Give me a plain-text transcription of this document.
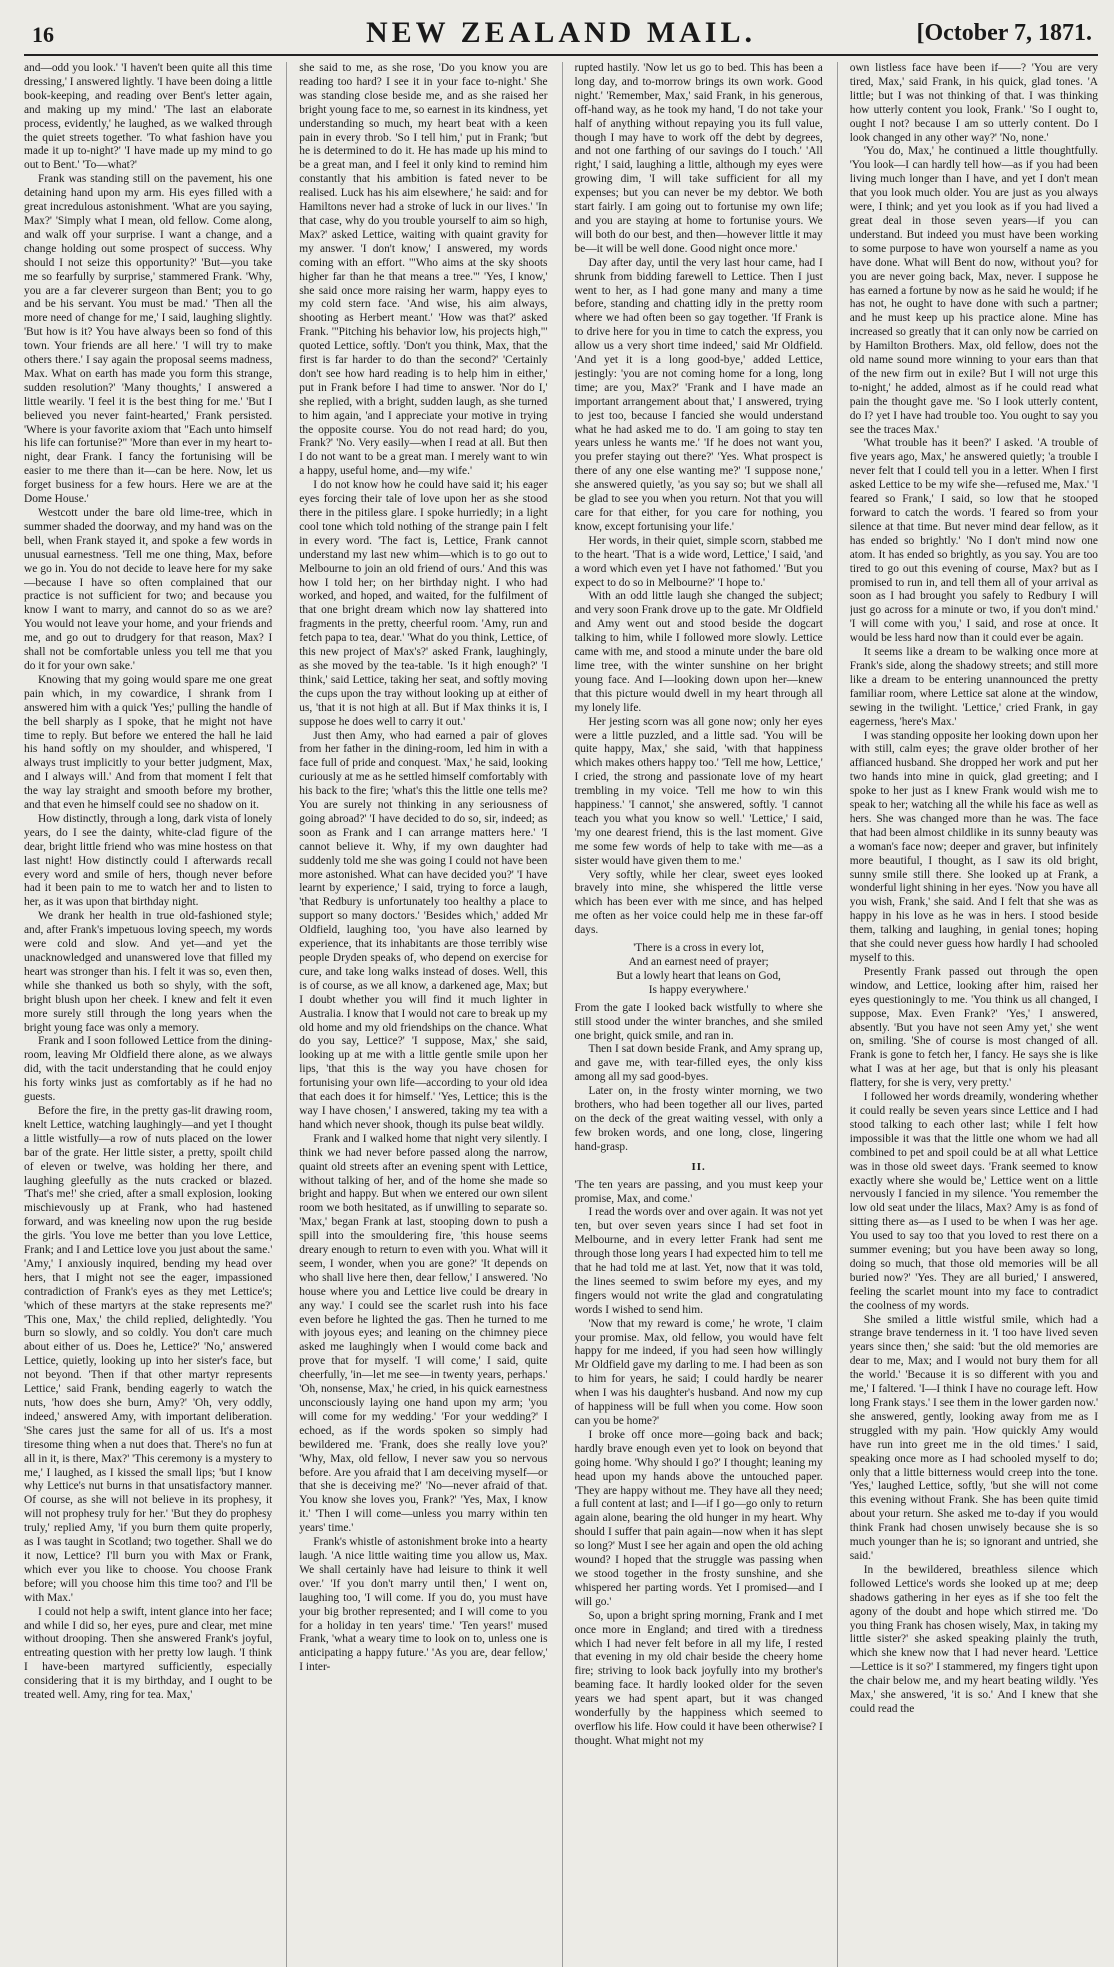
16	NEW ZEALAND MAIL.	[October 7, 1871.

and—odd you look.' 'I haven't been quite all this time dressing,' I answered lightly. 'I have been doing a little book-keeping, and reading over Bent's letter again, and making up my mind.' 'The last an elaborate process, evidently,' he laughed, as we walked through the quiet streets together. 'To what fashion have you made it up to-night?' 'I have made up my mind to go out to Bent.' 'To—what?'

Frank was standing still on the pavement, his one detaining hand upon my arm. His eyes filled with a great incredulous astonishment. 'What are you saying, Max?' 'Simply what I mean, old fellow. Come along, and walk off your surprise. I want a change, and a change holding out some prospect of success. Why should I not seize this opportunity?' 'But—you take me so fearfully by surprise,' stammered Frank. 'Why, you are a far cleverer surgeon than Bent; you to go and be his servant. You must be mad.' 'Then all the more need of change for me,' I said, laughing slightly. 'But how is it? You have always been so fond of this town. Your friends are all here.' 'I will try to make others there.' I say again the proposal seems madness, Max. What on earth has made you form this strange, sudden resolution?' 'Many thoughts,' I answered a little wearily. 'I feel it is the best thing for me.' 'But I believed you never faint-hearted,' Frank persisted. 'Where is your favorite axiom that "Each unto himself his life can fortunise?" 'More than ever in my heart to-night, dear Frank. I fancy the fortunising will be easier to me there than it—can be here. Now, let us forget business for a few hours. Here we are at the Dome House.'

Westcott under the bare old lime-tree, which in summer shaded the doorway, and my hand was on the bell, when Frank stayed it, and spoke a few words in unusual earnestness. 'Tell me one thing, Max, before we go in. You do not decide to leave here for my sake—because I have so often complained that our practice is not sufficient for two; and because you know I want to marry, and cannot do so as we are? You would not leave your home, and your friends and me, and go out to drudgery for that reason, Max? I shall not be comfortable unless you tell me that you do it for your own sake.'

Knowing that my going would spare me one great pain which, in my cowardice, I shrank from I answered him with a quick 'Yes;' pulling the handle of the bell sharply as I spoke, that he might not have time to reply. But before we entered the hall he laid his hand softly on my shoulder, and whispered, 'I always trust implicitly to your better judgment, Max, and I always will.' And from that moment I felt that the way lay straight and smooth before my brother, and that even he himself could see no shadow on it.

How distinctly, through a long, dark vista of lonely years, do I see the dainty, white-clad figure of the dear, bright little friend who was mine hostess on that last night! How distinctly could I afterwards recall every word and smile of hers, though never before had it been pain to me to watch her and to listen to her, as it was upon that birthday night.

We drank her health in true old-fashioned style; and, after Frank's impetuous loving speech, my words were cold and slow. And yet—and yet the unacknowledged and unanswered love that filled my heart was stronger than his. I felt it was so, even then, while she thanked us both so shyly, with the soft, bright blush upon her cheek. I knew and felt it even more surely still through the long years when the bright young face was only a memory.

Frank and I soon followed Lettice from the dining-room, leaving Mr Oldfield there alone, as we always did, with the tacit understanding that he could enjoy his forty winks just as comfortably as if he had no guests.

Before the fire, in the pretty gas-lit drawing room, knelt Lettice, watching laughingly—and yet I thought a little wistfully—a row of nuts placed on the lower bar of the grate. Her little sister, a pretty, spoilt child of eleven or twelve, was holding her there, and laughing gleefully as the nuts cracked or blazed. 'That's me!' she cried, after a small explosion, looking mischievously up at Frank, who had hastened forward, and was kneeling now upon the rug beside the girls. 'You love me better than you love Lettice, Frank; and I and Lettice love you just about the same.' 'Amy,' I anxiously inquired, bending my head over hers, that I might not see the eager, impassioned contradiction of Frank's eyes as they met Lettice's; 'which of these martyrs at the stake represents me?' 'This one, Max,' the child replied, delightedly. 'You burn so slowly, and so coldly. You don't care much about either of us. Does he, Lettice?' 'No,' answered Lettice, quietly, looking up into her sister's face, but not beyond. 'Then if that other martyr represents Lettice,' said Frank, bending eagerly to watch the nuts, 'how does she burn, Amy?' 'Oh, very oddly, indeed,' answered Amy, with important deliberation. 'She cares just the same for all of us. It's a most tiresome thing when a nut does that. There's no fun at all in it, is there, Max?' 'This ceremony is a mystery to me,' I laughed, as I kissed the small lips; 'but I know why Lettice's nut burns in that unsatisfactory manner. Of course, as she will not believe in its prophesy, it will not prophesy truly for her.' 'But they do prophesy truly,' replied Amy, 'if you burn them quite properly, as I was taught in Scotland; two together. Shall we do it now, Lettice? I'll burn you with Max or Frank, which ever you like to choose. You choose Frank before; will you choose him this time too? and I'll be with Max.'

I could not help a swift, intent glance into her face; and while I did so, her eyes, pure and clear, met mine without drooping. Then she answered Frank's joyful, entreating question with her pretty low laugh. 'I think I have-been martyred sufficiently, especially considering that it is my birthday, and I ought to be treated well. Amy, ring for tea. Max,'

she said to me, as she rose, 'Do you know you are reading too hard? I see it in your face to-night.' She was standing close beside me, and as she raised her bright young face to me, so earnest in its kindness, yet understanding so much, my heart beat with a keen pain in every throb. 'So I tell him,' put in Frank; 'but he is determined to do it. He has made up his mind to be a great man, and I feel it only kind to remind him constantly that his ambition is fated never to be realised. Luck has his aim elsewhere,' he said: and for Hamiltons never had a stroke of luck in our lives.' 'In that case, why do you trouble yourself to aim so high, Max?' asked Lettice, waiting with quaint gravity for my answer. 'I don't know,' I answered, my words coming with an effort. '"Who aims at the sky shoots higher far than he that means a tree."' 'Yes, I know,' she said once more raising her warm, happy eyes to my cold stern face. 'And wise, his aim always, shooting as Herbert meant.' 'How was that?' asked Frank. '"Pitching his behavior low, his projects high,"' quoted Lettice, softly. 'Don't you think, Max, that the first is far harder to do than the second?' 'Certainly don't see how hard reading is to help him in either,' put in Frank before I had time to answer. 'Nor do I,' she replied, with a bright, sudden laugh, as she turned to him again, 'and I appreciate your motive in trying the opposite course. You do not read hard; do you, Frank?' 'No. Very easily—when I read at all. But then I do not want to be a great man. I merely want to win a happy, useful home, and—my wife.'

I do not know how he could have said it; his eager eyes forcing their tale of love upon her as she stood there in the pitiless glare. I spoke hurriedly; in a light cool tone which told nothing of the strange pain I felt in every word. 'The fact is, Lettice, Frank cannot understand my last new whim—which is to go out to Melbourne to join an old friend of ours.' And this was how I told her; on her birthday night. I who had worked, and hoped, and waited, for the fulfilment of that one bright dream which now lay shattered into fragments in the pretty, cheerful room. 'Amy, run and fetch papa to tea, dear.' 'What do you think, Lettice, of this new project of Max's?' asked Frank, laughingly, as she moved by the tea-table. 'Is it high enough?' 'I think,' said Lettice, taking her seat, and softly moving the cups upon the tray without looking up at either of us, 'that it is not high at all. But if Max thinks it is, I suppose he does well to carry it out.'

Just then Amy, who had earned a pair of gloves from her father in the dining-room, led him in with a face full of pride and conquest. 'Max,' he said, looking curiously at me as he settled himself comfortably with his back to the fire; 'what's this the little one tells me? You are surely not thinking in any seriousness of going abroad?' 'I have decided to do so, sir, indeed; as soon as Frank and I can arrange matters here.' 'I cannot believe it. Why, if my own daughter had suddenly told me she was going I could not have been more astonished. What can have decided you?' 'I have learnt by experience,' I said, trying to force a laugh, 'that Redbury is unfortunately too healthy a place to support so many doctors.' 'Besides which,' added Mr Oldfield, laughing too, 'you have also learned by experience, that its inhabitants are those terribly wise people Dryden speaks of, who depend on exercise for cure, and take long walks instead of doses. Well, this is of course, as we all know, a darkened age, Max; but I doubt whether you will find it much lighter in Australia. I know that I would not care to break up my old home and my old friendships on the chance. What do you say, Lettice?' 'I suppose, Max,' she said, looking up at me with a little gentle smile upon her lips, 'that this is the way you have chosen for fortunising your own life—according to your old idea that each does it for himself.' 'Yes, Lettice; this is the way I have chosen,' I answered, taking my tea with a hand which never shook, though its pulse beat wildly.

Frank and I walked home that night very silently. I think we had never before passed along the narrow, quaint old streets after an evening spent with Lettice, without talking of her, and of the home she made so bright and happy. But when we entered our own silent room we both hesitated, as if unwilling to separate so. 'Max,' began Frank at last, stooping down to push a spill into the smouldering fire, 'this house seems dreary enough to return to even with you. What will it seem, I wonder, when you are gone?' 'It depends on who shall live here then, dear fellow,' I answered. 'No house where you and Lettice live could be dreary in any way.' I could see the scarlet rush into his face even before he lighted the gas. Then he turned to me with joyous eyes; and leaning on the chimney piece asked me laughingly when I would come back and prove that for myself. 'I will come,' I said, quite cheerfully, 'in—let me see—in twenty years, perhaps.' 'Oh, nonsense, Max,' he cried, in his quick earnestness unconsciously laying one hand upon my arm; 'you will come for my wedding.' 'For your wedding?' I echoed, as if the words spoken so simply had bewildered me. 'Frank, does she really love you?' 'Why, Max, old fellow, I never saw you so nervous before. Are you afraid that I am deceiving myself—or that she is deceiving me?' 'No—never afraid of that. You know she loves you, Frank?' 'Yes, Max, I know it.' 'Then I will come—unless you marry within ten years' time.'

Frank's whistle of astonishment broke into a hearty laugh. 'A nice little waiting time you allow us, Max. We shall certainly have had leisure to think it well over.' 'If you don't marry until then,' I went on, laughing too, 'I will come. If you do, you must have your big brother represented; and I will come to you for a holiday in ten years' time.' 'Ten years!' mused Frank, 'what a weary time to look on to, unless one is anticipating a happy future.' 'As you are, dear fellow,' I inter-

rupted hastily. 'Now let us go to bed. This has been a long day, and to-morrow brings its own work. Good night.' 'Remember, Max,' said Frank, in his generous, off-hand way, as he took my hand, 'I do not take your half of anything without repaying you its full value, though I may have to work off the debt by degrees, and not one farthing of our savings do I touch.' 'All right,' I said, laughing a little, although my eyes were growing dim, 'I will take sufficient for all my expenses; but you can never be my debtor. We both start fairly. I am going out to fortunise my own life; and you are staying at home to fortunise yours. We will both do our best, and then—however little it may be—it will be well done. Good night once more.'

Day after day, until the very last hour came, had I shrunk from bidding farewell to Lettice. Then I just went to her, as I had gone many and many a time before, standing and chatting idly in the pretty room where we had often been so gay together. 'If Frank is to drive here for you in time to catch the express, you allow us a very short time indeed,' said Mr Oldfield. 'And yet it is a long good-bye,' added Lettice, jestingly: 'you are not coming home for a long, long time; are you, Max?' 'Frank and I have made an important arrangement about that,' I answered, trying to jest too, because I fancied she would understand what he had asked me to do. 'I am going to stay ten years unless he wants me.' 'If he does not want you, you prefer staying out there?' 'Yes. What prospect is there of any one else wanting me?' 'I suppose none,' she answered quietly, 'as you say so; but we shall all be glad to see you when you return. Not that you will care for that either, for you care for nothing, you know, except fortunising your life.'

Her words, in their quiet, simple scorn, stabbed me to the heart. 'That is a wide word, Lettice,' I said, 'and a word which even yet I have not fathomed.' 'But you expect to do so in Melbourne?' 'I hope to.'

With an odd little laugh she changed the subject; and very soon Frank drove up to the gate. Mr Oldfield and Amy went out and stood beside the dogcart talking to him, while I followed more slowly. Lettice came with me, and stood a minute under the bare old lime tree, with the winter sunshine on her bright young face. And I—looking down upon her—knew that this picture would dwell in my heart through all my lonely life.

Her jesting scorn was all gone now; only her eyes were a little puzzled, and a little sad. 'You will be quite happy, Max,' she said, 'with that happiness which makes others happy too.' 'Tell me how, Lettice,' I cried, the strong and passionate love of my heart trembling in my voice. 'Tell me how to win this happiness.' 'I cannot,' she answered, softly. 'I cannot teach you what you know so well.' 'Lettice,' I said, 'my one dearest friend, this is the last moment. Give me some few words of help to take with me—as a sister would have given them to me.'

Very softly, while her clear, sweet eyes looked bravely into mine, she whispered the little verse which has been ever with me since, and has helped me often as her voice could help me in these far-off days.

'There is a cross in every lot,
And an earnest need of prayer;
But a lowly heart that leans on God,
Is happy everywhere.'

From the gate I looked back wistfully to where she still stood under the winter branches, and she smiled one bright, quick smile, and ran in.

Then I sat down beside Frank, and Amy sprang up, and gave me, with tear-filled eyes, the only kiss among all my sad good-byes.

Later on, in the frosty winter morning, we two brothers, who had been together all our lives, parted on the deck of the great waiting vessel, with only a few broken words, and one long, close, lingering hand-grasp.

II.

'The ten years are passing, and you must keep your promise, Max, and come.'

I read the words over and over again. It was not yet ten, but over seven years since I had set foot in Melbourne, and in every letter Frank had sent me through those long years I had expected him to tell me that he had told me at last. Yet, now that it was told, the lines seemed to swim before my eyes, and my fingers would not write the glad and congratulating words I wished to send him.

'Now that my reward is come,' he wrote, 'I claim your promise. Max, old fellow, you would have felt happy for me indeed, if you had seen how willingly Mr Oldfield gave my darling to me. I had been as son to him for years, he said; I could hardly be nearer when I was his daughter's husband. And now my cup of happiness will be full when you come. How soon can you be home?'

I broke off once more—going back and back; hardly brave enough even yet to look on beyond that going home. 'Why should I go?' I thought; leaning my head upon my hands above the untouched paper. 'They are happy without me. They have all they need; a full content at last; and I—if I go—go only to return again alone, bearing the old hunger in my heart. Why should I suffer that pain again—now when it has slept so long?' Must I see her again and open the old aching wound? I hoped that the struggle was passing when we stood together in the frosty sunshine, and she whispered her parting words. Yet I promised—and I will go.'

So, upon a bright spring morning, Frank and I met once more in England; and tired with a tiredness which I had never felt before in all my life, I rested that evening in my old chair beside the cheery home fire; striving to look back joyfully into my brother's beaming face. It hardly looked older for the seven years we had spent apart, but it was changed wonderfully by the happiness which seemed to overflow his life. How could it have been otherwise? I thought. What might not my

own listless face have been if——? 'You are very tired, Max,' said Frank, in his quick, glad tones. 'A little; but I was not thinking of that. I was thinking how utterly content you look, Frank.' 'So I ought to, ought I not? because I am so utterly content. Do I look changed in any other way?' 'No, none.'

'You do, Max,' he continued a little thoughtfully. 'You look—I can hardly tell how—as if you had been living much longer than I have, and yet I don't mean that you look much older. You are just as you always were, I think; and yet you look as if you had lived a great deal in those seven years—if you can understand. But indeed you must have been working to some purpose to have won yourself a name as you have done. What will Bent do now, without you? for you are never going back, Max, never. I suppose he has earned a fortune by now as he said he would; if he has not, he ought to have done with such a partner; and he must keep up his practice alone. Mine has increased so greatly that it can only now be carried on by Hamilton Brothers. Max, old fellow, does not the old name sound more winning to your ears than that of the new firm out in exile? But I will not urge this to-night,' he added, almost as if he could read what pain the thought gave me. 'So I look utterly content, do I? yet I have had trouble too. You ought to say you see the traces Max.'

'What trouble has it been?' I asked. 'A trouble of five years ago, Max,' he answered quietly; 'a trouble I never felt that I could tell you in a letter. When I first asked Lettice to be my wife she—refused me, Max.' 'I feared so Frank,' I said, so low that he stooped forward to catch the words. 'I feared so from your silence at that time. But never mind dear fellow, as it has ended so brightly.' 'No I don't mind now one atom. It has ended so brightly, as you say. You are too tired to go out this evening of course, Max? but as I promised to run in, and tell them all of your arrival as soon as I had brought you safely to Redbury I will just go across for a minute or two, if you don't mind.' 'I will come with you,' I said, and rose at once. It would be less hard now than it could ever be again.

It seems like a dream to be walking once more at Frank's side, along the shadowy streets; and still more like a dream to be entering unannounced the pretty familiar room, where Lettice sat alone at the window, sewing in the twilight. 'Lettice,' cried Frank, in gay eagerness, 'here's Max.'

I was standing opposite her looking down upon her with still, calm eyes; the grave older brother of her affianced husband. She dropped her work and put her two hands into mine in quick, glad greeting; and I spoke to her just as I knew Frank would wish me to speak to her; watching all the while his face as well as hers. She was changed more than he was. The face that had been almost childlike in its sunny beauty was a woman's face now; deeper and graver, but infinitely more beautiful, I thought, as I saw its old bright, sunny smile still there. She looked up at Frank, a wonderful light shining in her eyes. 'Now you have all you wish, Frank,' she said. And I felt that she was as happy in his love as he was in hers. I stood beside them, talking and laughing, in genial tones; hoping that she could never guess how hardly I had schooled myself to this.

Presently Frank passed out through the open window, and Lettice, looking after him, raised her eyes questioningly to me. 'You think us all changed, I suppose, Max. Even Frank?' 'Yes,' I answered, absently. 'But you have not seen Amy yet,' she went on, smiling. 'She of course is most changed of all. Frank is gone to fetch her, I fancy. He says she is like what I was at her age, but that is only his pleasant flattery, for she is very, very pretty.'

I followed her words dreamily, wondering whether it could really be seven years since Lettice and I had stood talking to each other last; while I felt how impossible it was that the little one whom we had all combined to pet and spoil could be at all what Lettice was in those old sweet days. 'Frank seemed to know exactly where she would be,' Lettice went on a little nervously I fancied in my silence. 'You remember the low old seat under the lilacs, Max? Amy is as fond of sitting there as—as I used to be when I was her age. You used to say too that you loved to rest there on a summer evening; but you have been away so long, doing so much, that those old memories will be all buried now?' 'Yes. They are all buried,' I answered, feeling the scarlet mount into my face to contradict the coolness of my words.

She smiled a little wistful smile, which had a strange brave tenderness in it. 'I too have lived seven years since then,' she said: 'but the old memories are dear to me, Max; and I would not bury them for all the world.' 'Because it is so different with you and me,' I faltered. 'I—I think I have no courage left. How long Frank stays.' I see them in the lower garden now.' she answered, gently, looking away from me as I struggled with my pain. 'How quickly Amy would have run into greet me in the old times.' I said, speaking once more as I had schooled myself to do; only that a little bitterness would creep into the tone. 'Yes,' laughed Lettice, softly, 'but she will not come this evening without Frank. She has been quite timid about your return. She asked me to-day if you would think Frank had chosen unwisely because she is so much younger than he is; so ignorant and untried, she said.'

In the bewildered, breathless silence which followed Lettice's words she looked up at me; deep shadows gathering in her eyes as if she too felt the agony of the doubt and hope which stirred me. 'Do you thing Frank has chosen wisely, Max, in taking my little sister?' she asked speaking plainly the truth, which she knew now that I had never heard. 'Lettice—Lettice is it so?' I stammered, my fingers tight upon the chair below me, and my heart beating wildly. 'Yes Max,' she answered, 'it is so.' And I knew that she could read the
